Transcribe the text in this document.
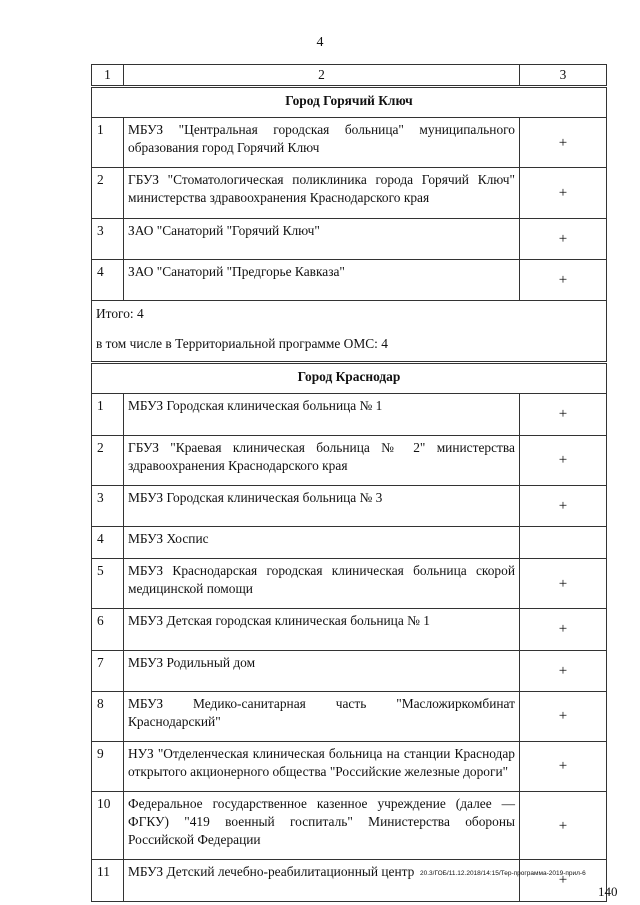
4
1	2	3
Город Горячий Ключ		
1	МБУЗ "Центральная городская больница" муниципального образования город Горячий Ключ	+
2	ГБУЗ "Стоматологическая поликлиника города Горячий Ключ" министерства здравоохранения Краснодарского края	+
3	ЗАО "Санаторий "Горячий Ключ"	+
4	ЗАО "Санаторий "Предгорье Кавказа"	+

Итого: 4
в том числе в Территориальной программе ОМС: 4		

Город Краснодар		
1	МБУЗ Городская клиническая больница № 1	+
2	ГБУЗ "Краевая клиническая больница № 2" министерства здравоохранения Краснодарского края	+
3	МБУЗ Городская клиническая больница № 3	+
4	МБУЗ Хоспис	
5	МБУЗ Краснодарская городская клиническая больница скорой медицинской помощи	+
6	МБУЗ Детская городская клиническая больница № 1	+
7	МБУЗ Родильный дом	+
8	МБУЗ Медико-санитарная часть "Масложиркомбинат Краснодарский"	+
9	НУЗ "Отделенческая клиническая больница на станции Краснодар открытого акционерного общества "Российские железные дороги"	+
10	Федеральное государственное казенное учреждение (далее — ФГКУ) "419 военный госпиталь" Министерства обороны Российской Федерации	+
11	МБУЗ Детский лечебно-реабилитационный центр	+
20.3/ГОБ/11.12.2018/14:15/Тер-программа-2019-прил-6
140
